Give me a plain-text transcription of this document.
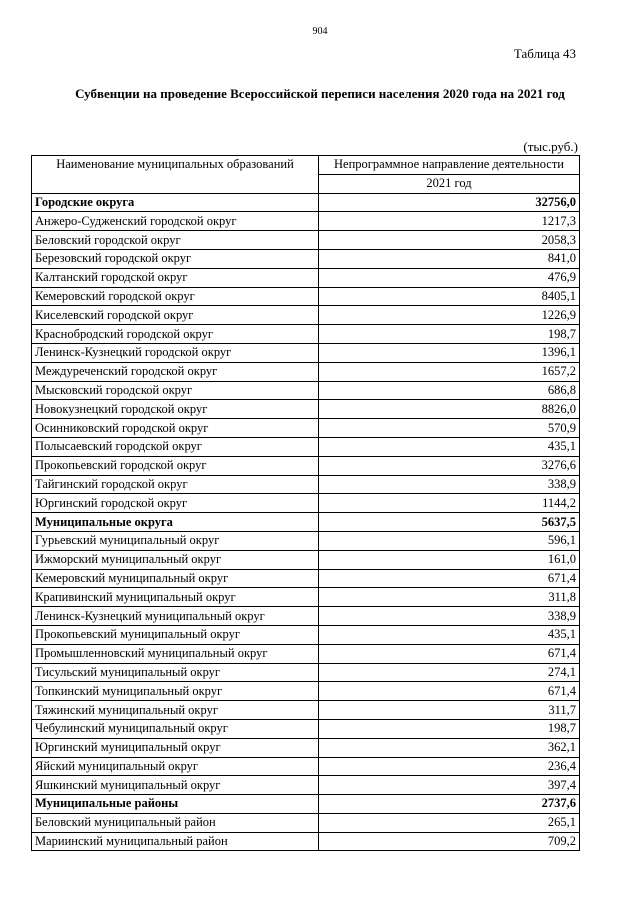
904
Таблица 43
Субвенции на проведение Всероссийской переписи населения 2020 года на 2021 год
(тыс.руб.)
Наименование муниципальных образований	Непрограммное направление деятельности
	2021 год
Городские округа	32756,0
Анжеро-Судженский городской округ	1217,3
Беловский городской округ	2058,3
Березовский городской округ	841,0
Калтанский городской округ	476,9
Кемеровский городской округ	8405,1
Киселевский городской округ	1226,9
Краснобродский городской округ	198,7
Ленинск-Кузнецкий городской округ	1396,1
Междуреченский городской округ	1657,2
Мысковский городской округ	686,8
Новокузнецкий городской округ	8826,0
Осинниковский городской округ	570,9
Полысаевский городской округ	435,1
Прокопьевский городской округ	3276,6
Тайгинский городской округ	338,9
Юргинский городской округ	1144,2
Муниципальные округа	5637,5
Гурьевский муниципальный округ	596,1
Ижморский муниципальный округ	161,0
Кемеровский муниципальный округ	671,4
Крапивинский муниципальный округ	311,8
Ленинск-Кузнецкий муниципальный округ	338,9
Прокопьевский муниципальный округ	435,1
Промышленновский муниципальный округ	671,4
Тисульский муниципальный округ	274,1
Топкинский муниципальный округ	671,4
Тяжинский муниципальный округ	311,7
Чебулинский муниципальный округ	198,7
Юргинский муниципальный округ	362,1
Яйский муниципальный округ	236,4
Яшкинский муниципальный округ	397,4
Муниципальные районы	2737,6
Беловский муниципальный район	265,1
Мариинский муниципальный район	709,2
